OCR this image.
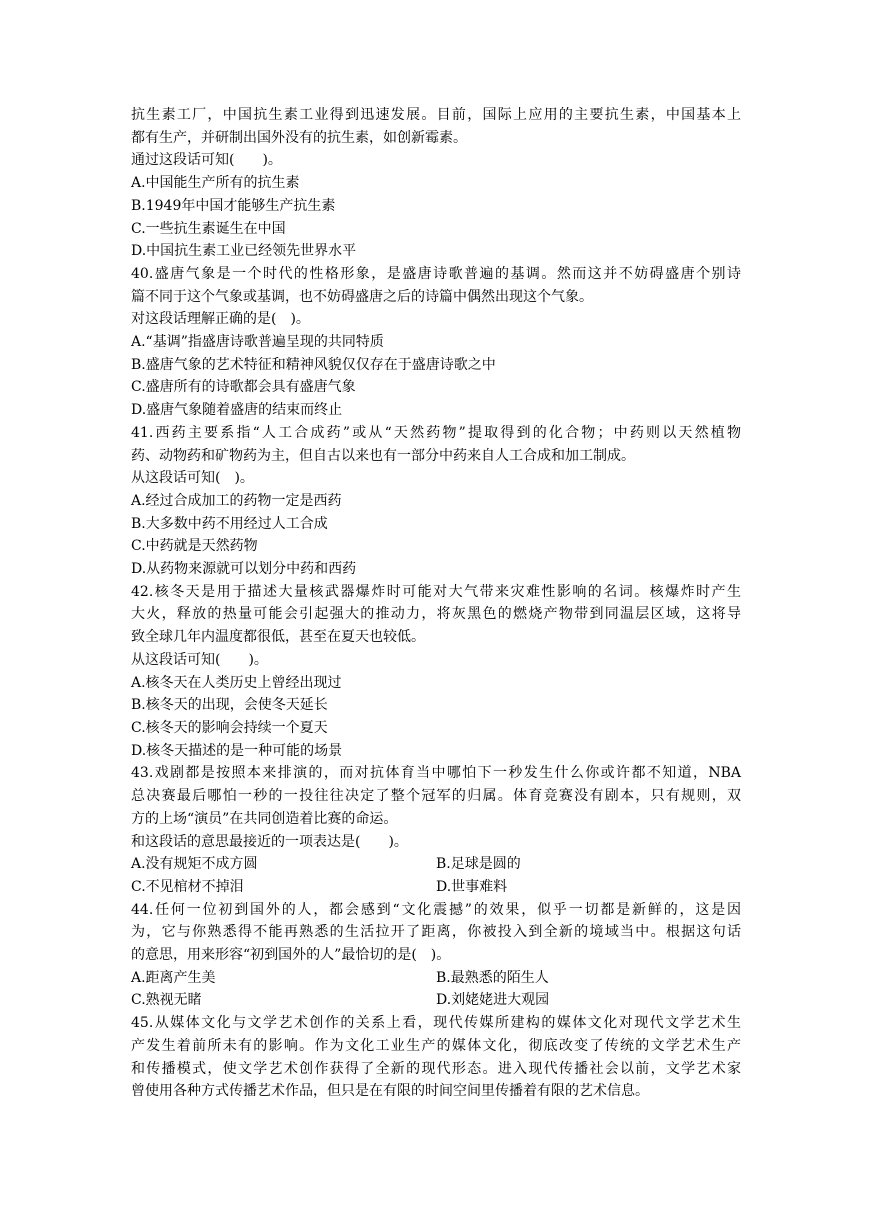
抗生素工厂，中国抗生素工业得到迅速发展。目前，国际上应用的主要抗生素，中国基本上
都有生产，并研制出国外没有的抗生素，如创新霉素。
通过这段话可知(　　)。
A.中国能生产所有的抗生素
B.1949年中国才能够生产抗生素
C.一些抗生素诞生在中国
D.中国抗生素工业已经领先世界水平
40.盛唐气象是一个时代的性格形象，是盛唐诗歌普遍的基调。然而这并不妨碍盛唐个别诗
篇不同于这个气象或基调，也不妨碍盛唐之后的诗篇中偶然出现这个气象。
对这段话理解正确的是(　)。
A.“基调”指盛唐诗歌普遍呈现的共同特质
B.盛唐气象的艺术特征和精神风貌仅仅存在于盛唐诗歌之中
C.盛唐所有的诗歌都会具有盛唐气象
D.盛唐气象随着盛唐的结束而终止
41.西药主要系指“人工合成药”或从“天然药物”提取得到的化合物；中药则以天然植物
药、动物药和矿物药为主，但自古以来也有一部分中药来自人工合成和加工制成。
从这段话可知(　)。
A.经过合成加工的药物一定是西药
B.大多数中药不用经过人工合成
C.中药就是天然药物
D.从药物来源就可以划分中药和西药
42.核冬天是用于描述大量核武器爆炸时可能对大气带来灾难性影响的名词。核爆炸时产生
大火，释放的热量可能会引起强大的推动力，将灰黑色的燃烧产物带到同温层区域，这将导
致全球几年内温度都很低，甚至在夏天也较低。
从这段话可知(　　)。
A.核冬天在人类历史上曾经出现过
B.核冬天的出现，会使冬天延长
C.核冬天的影响会持续一个夏天
D.核冬天描述的是一种可能的场景
43.戏剧都是按照本来排演的，而对抗体育当中哪怕下一秒发生什么你或许都不知道，NBA
总决赛最后哪怕一秒的一投往往决定了整个冠军的归属。体育竞赛没有剧本，只有规则，双
方的上场“演员”在共同创造着比赛的命运。
和这段话的意思最接近的一项表达是(　　)。
A.没有规矩不成方圆	B.足球是圆的
C.不见棺材不掉泪	D.世事难料
44.任何一位初到国外的人，都会感到“文化震撼”的效果，似乎一切都是新鲜的，这是因
为，它与你熟悉得不能再熟悉的生活拉开了距离，你被投入到全新的境域当中。根据这句话
的意思，用来形容“初到国外的人”最恰切的是(　)。
A.距离产生美	B.最熟悉的陌生人
C.熟视无睹	D.刘姥姥进大观园
45.从媒体文化与文学艺术创作的关系上看，现代传媒所建构的媒体文化对现代文学艺术生
产发生着前所未有的影响。作为文化工业生产的媒体文化，彻底改变了传统的文学艺术生产
和传播模式，使文学艺术创作获得了全新的现代形态。进入现代传播社会以前，文学艺术家
曾使用各种方式传播艺术作品，但只是在有限的时间空间里传播着有限的艺术信息。
